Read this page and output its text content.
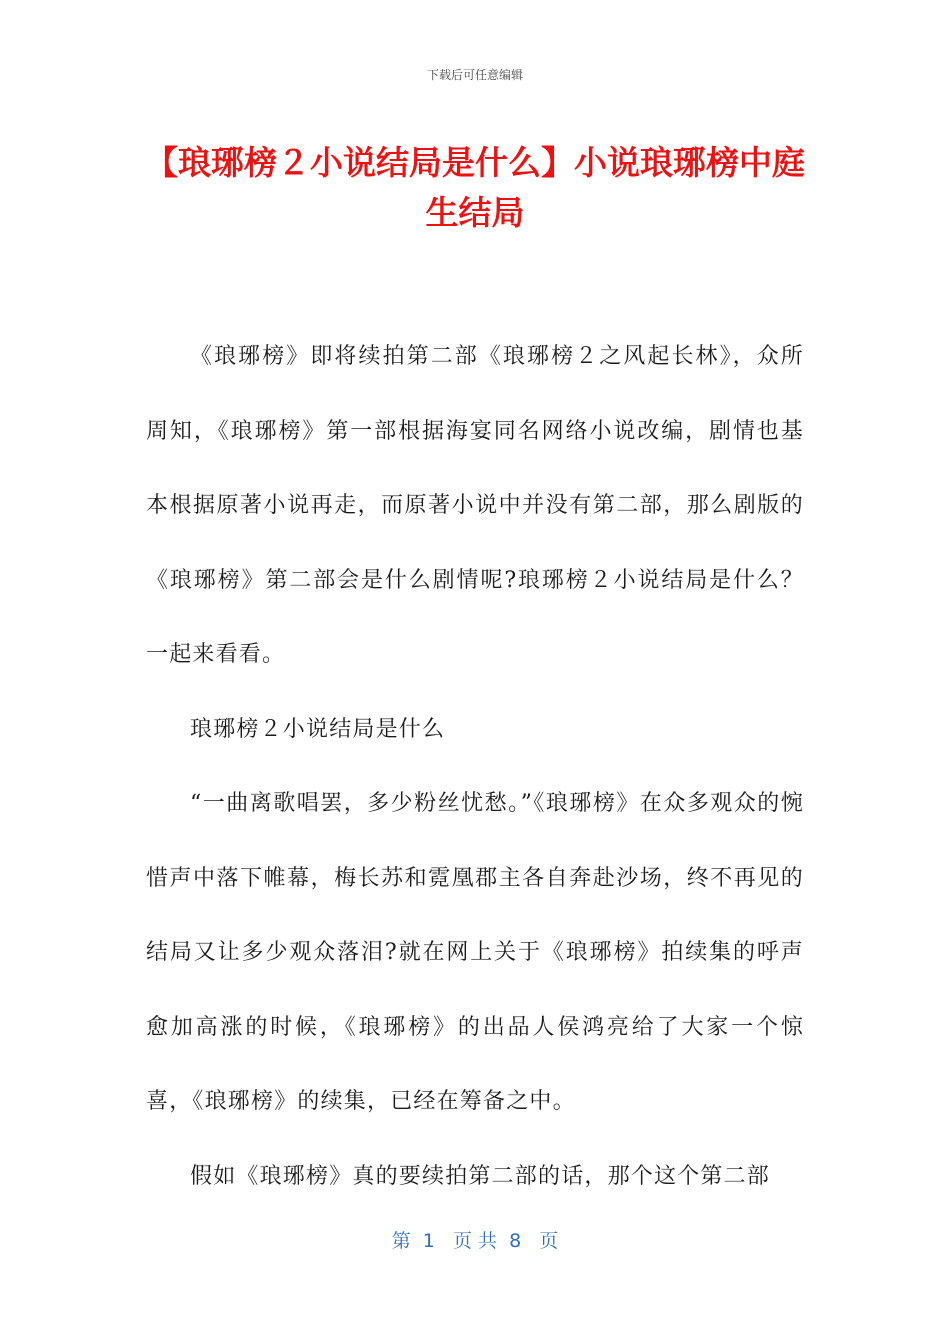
下载后可任意编辑
【琅琊榜２小说结局是什么】小说琅琊榜中庭生结局

《琅琊榜》即将续拍第二部《琅琊榜２之风起长林》，众所周知，《琅琊榜》第一部根据海宴同名网络小说改编，剧情也基本根据原著小说再走，而原著小说中并没有第二部，那么剧版的《琅琊榜》第二部会是什么剧情呢?琅琊榜２小说结局是什么？一起来看看。

琅琊榜２小说结局是什么

“一曲离歌唱罢，多少粉丝忧愁。”《琅琊榜》在众多观众的惋惜声中落下帷幕，梅长苏和霓凰郡主各自奔赴沙场，终不再见的结局又让多少观众落泪?就在网上关于《琅琊榜》拍续集的呼声愈加高涨的时候，《琅琊榜》的出品人侯鸿亮给了大家一个惊喜，《琅琊榜》的续集，已经在筹备之中。

假如《琅琊榜》真的要续拍第二部的话，那个这个第二部

第  1   页 共  8   页
